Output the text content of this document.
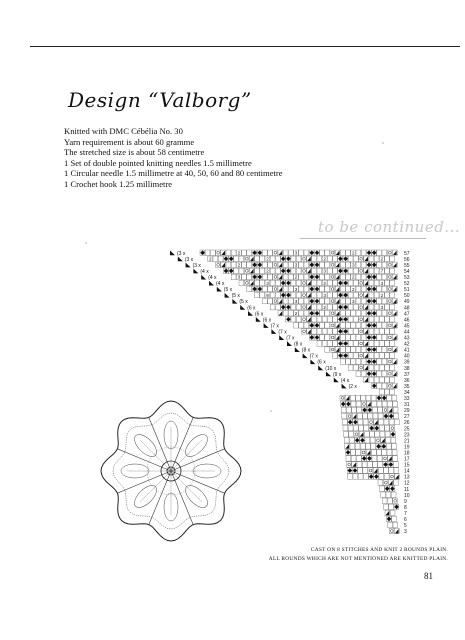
Design “Valborg”
Knitted with DMC Cébélia No. 30
Yarn requirement is about 60 gramme
The stretched size is about 58 centimetre
1 Set of double pointed knitting needles 1.5 millimetre
1 Circular needle 1.5 millimetre at 40, 50, 60 and 80 centimetre
1 Crochet hook 1.25 millimetre
to be continued...
57
2	3	2
(3 x
56
2	2	2	2
(3 x
55
2	3	3
(3 x
54
2	3	7
(4 x
53
3	2	2
(4 x
52
3	2	3
(4 x
51
3	2
(5 x
50
9	3	2
(5 x
49
3	3
(5 x
48
2	3
(6 x
47
2
(6 x
46
(6 x
45
(7 x
44
(7 x
43
(7 x
42
(8 x
41
(8 x
40
(7 x
39
(6 x
38
(10 x
37
(9 x
36
(4 x
35
(2 x
34
33
31
29
27
26
25
23
21
19
18
17
15
14
13
12
11
10
9
8
7
6
5
3
CAST ON 8 STITCHES AND KNIT 2 ROUNDS PLAIN.
ALL ROUNDS WHICH ARE NOT MENTIONED ARE KNITTED PLAIN.
81
